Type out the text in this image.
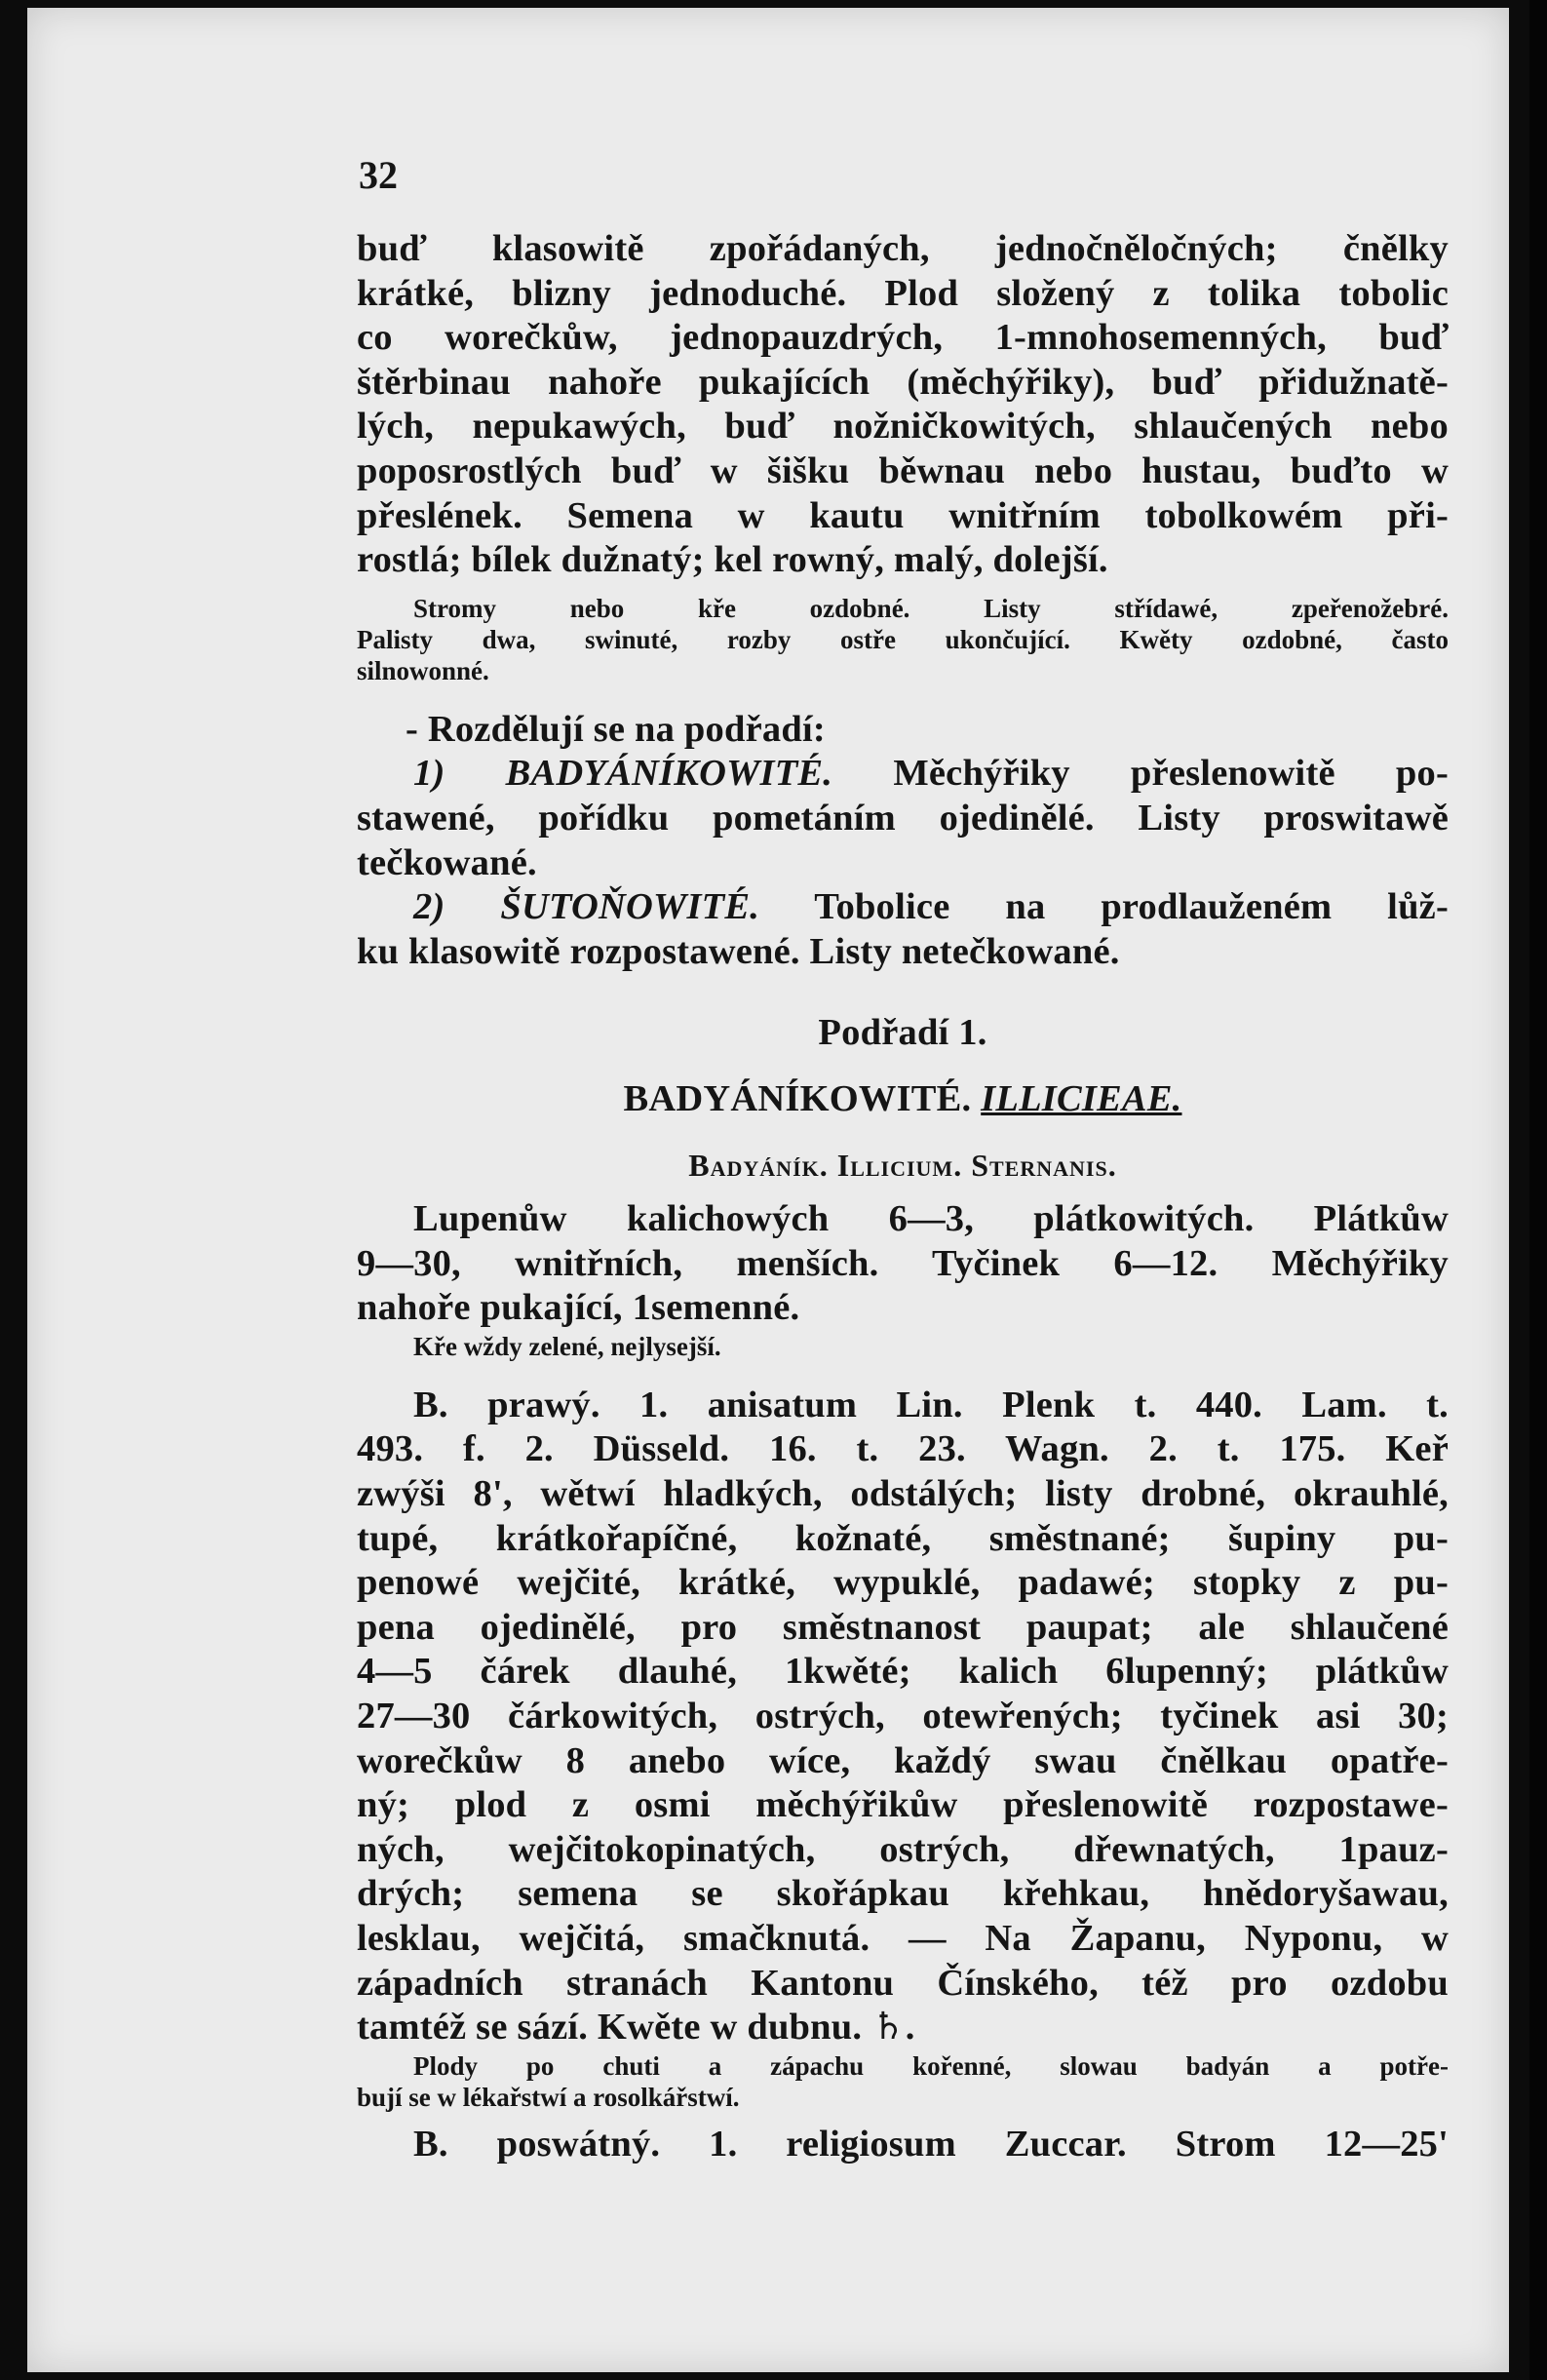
32
buď klasowitě zpořádaných, jednočněločných; čnělky
krátké, blizny jednoduché. Plod složený z tolika tobolic
co worečkůw, jednopauzdrých, 1-mnohosemenných, buď
štěrbinau nahoře pukajících (měchýřiky), buď přidužnatě-
lých, nepukawých, buď nožničkowitých, shlaučených nebo
poposrostlých buď w šišku běwnau nebo hustau, buďto w
přeslének. Semena w kautu wnitřním tobolkowém při-
rostlá; bílek dužnatý; kel rowný, malý, dolejší.
Stromy nebo kře ozdobné. Listy střídawé, zpeřenožebré.
Palisty dwa, swinuté, rozby ostře ukončující. Kwěty ozdobné, často
silnowonné.
- Rozdělují se na podřadí:
1) BADYÁNÍKOWITÉ. Měchýřiky přeslenowitě po-
stawené, pořídku pometáním ojedinělé. Listy proswitawě
tečkowané.
2) ŠUTOŇOWITÉ. Tobolice na prodlauženém lůž-
ku klasowitě rozpostawené. Listy netečkowané.
Podřadí 1.
BADYÁNÍKOWITÉ. ILLICIEAE.
Badyáník. Illicium. Sternanis.
Lupenůw kalichowých 6—3, plátkowitých. Plátkůw
9—30, wnitřních, menších. Tyčinek 6—12. Měchýřiky
nahoře pukající, 1semenné.
Kře wždy zelené, nejlysejší.
B. prawý. 1. anisatum Lin. Plenk t. 440. Lam. t.
493. f. 2. Düsseld. 16. t. 23. Wagn. 2. t. 175. Keř
zwýši 8', wětwí hladkých, odstálých; listy drobné, okrauhlé,
tupé, krátkořapíčné, kožnaté, směstnané; šupiny pu-
penowé wejčité, krátké, wypuklé, padawé; stopky z pu-
pena ojedinělé, pro směstnanost paupat; ale shlaučené
4—5 čárek dlauhé, 1kwěté; kalich 6lupenný; plátkůw
27—30 čárkowitých, ostrých, otewřených; tyčinek asi 30;
worečkůw 8 anebo wíce, každý swau čnělkau opatře-
ný; plod z osmi měchýřikůw přeslenowitě rozpostawe-
ných, wejčitokopinatých, ostrých, dřewnatých, 1pauz-
drých; semena se skořápkau křehkau, hnědoryšawau,
lesklau, wejčitá, smačknutá. — Na Žapanu, Nyponu, w
západních stranách Kantonu Čínského, též pro ozdobu
tamtéž se sází. Kwěte w dubnu. ♄.
Plody po chuti a zápachu kořenné, slowau badyán a potře-
bují se w lékařstwí a rosolkářstwí.
B. poswátný. 1. religiosum Zuccar. Strom 12—25'
